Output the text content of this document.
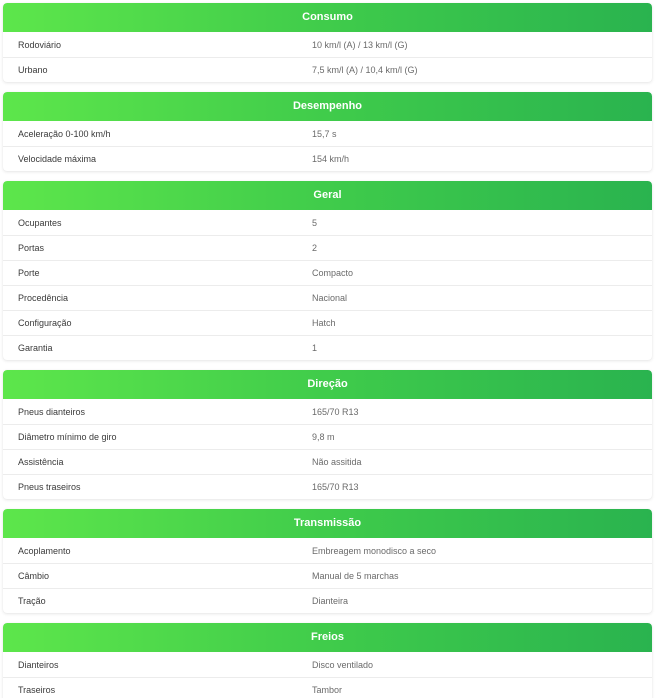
Consumo
Rodoviário	10 km/l (A) / 13 km/l (G)
Urbano	7,5 km/l (A) / 10,4 km/l (G)
Desempenho
Aceleração 0-100 km/h	15,7 s
Velocidade máxima	154 km/h
Geral
Ocupantes	5
Portas	2
Porte	Compacto
Procedência	Nacional
Configuração	Hatch
Garantia	1
Direção
Pneus dianteiros	165/70 R13
Diâmetro mínimo de giro	9,8 m
Assistência	Não assitida
Pneus traseiros	165/70 R13
Transmissão
Acoplamento	Embreagem monodisco a seco
Câmbio	Manual de 5 marchas
Tração	Dianteira
Freios
Dianteiros	Disco ventilado
Traseiros	Tambor
